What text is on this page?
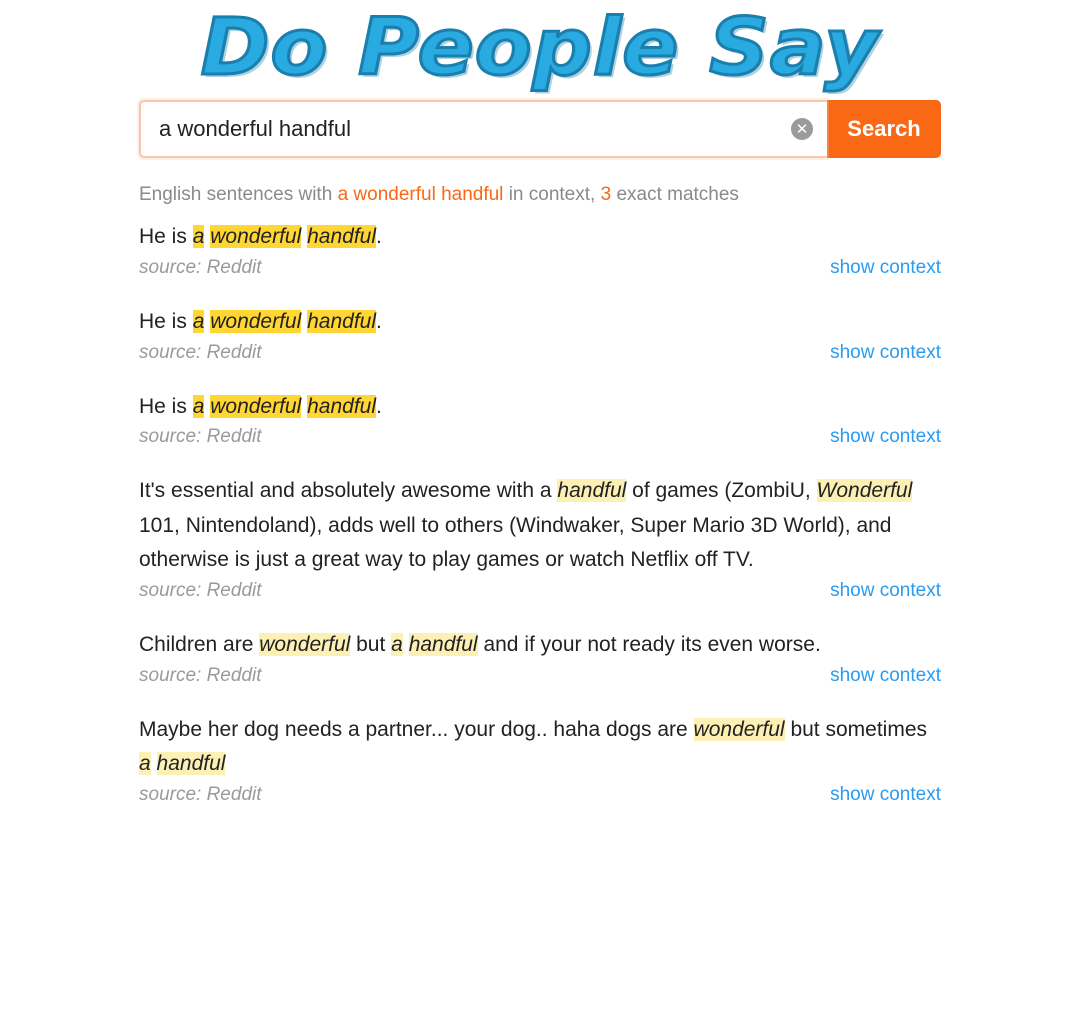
Do People Say
a wonderful handful
✕	Search
English sentences with a wonderful handful in context, 3 exact matches
He is a wonderful handful.
source: Reddit	show context
He is a wonderful handful.
source: Reddit	show context
He is a wonderful handful.
source: Reddit	show context
It's essential and absolutely awesome with a handful of games (ZombiU, Wonderful 101, Nintendoland), adds well to others (Windwaker, Super Mario 3D World), and otherwise is just a great way to play games or watch Netflix off TV.
source: Reddit	show context
Children are wonderful but a handful and if your not ready its even worse.
source: Reddit	show context
Maybe her dog needs a partner... your dog.. haha dogs are wonderful but sometimes a handful
source: Reddit	show context
